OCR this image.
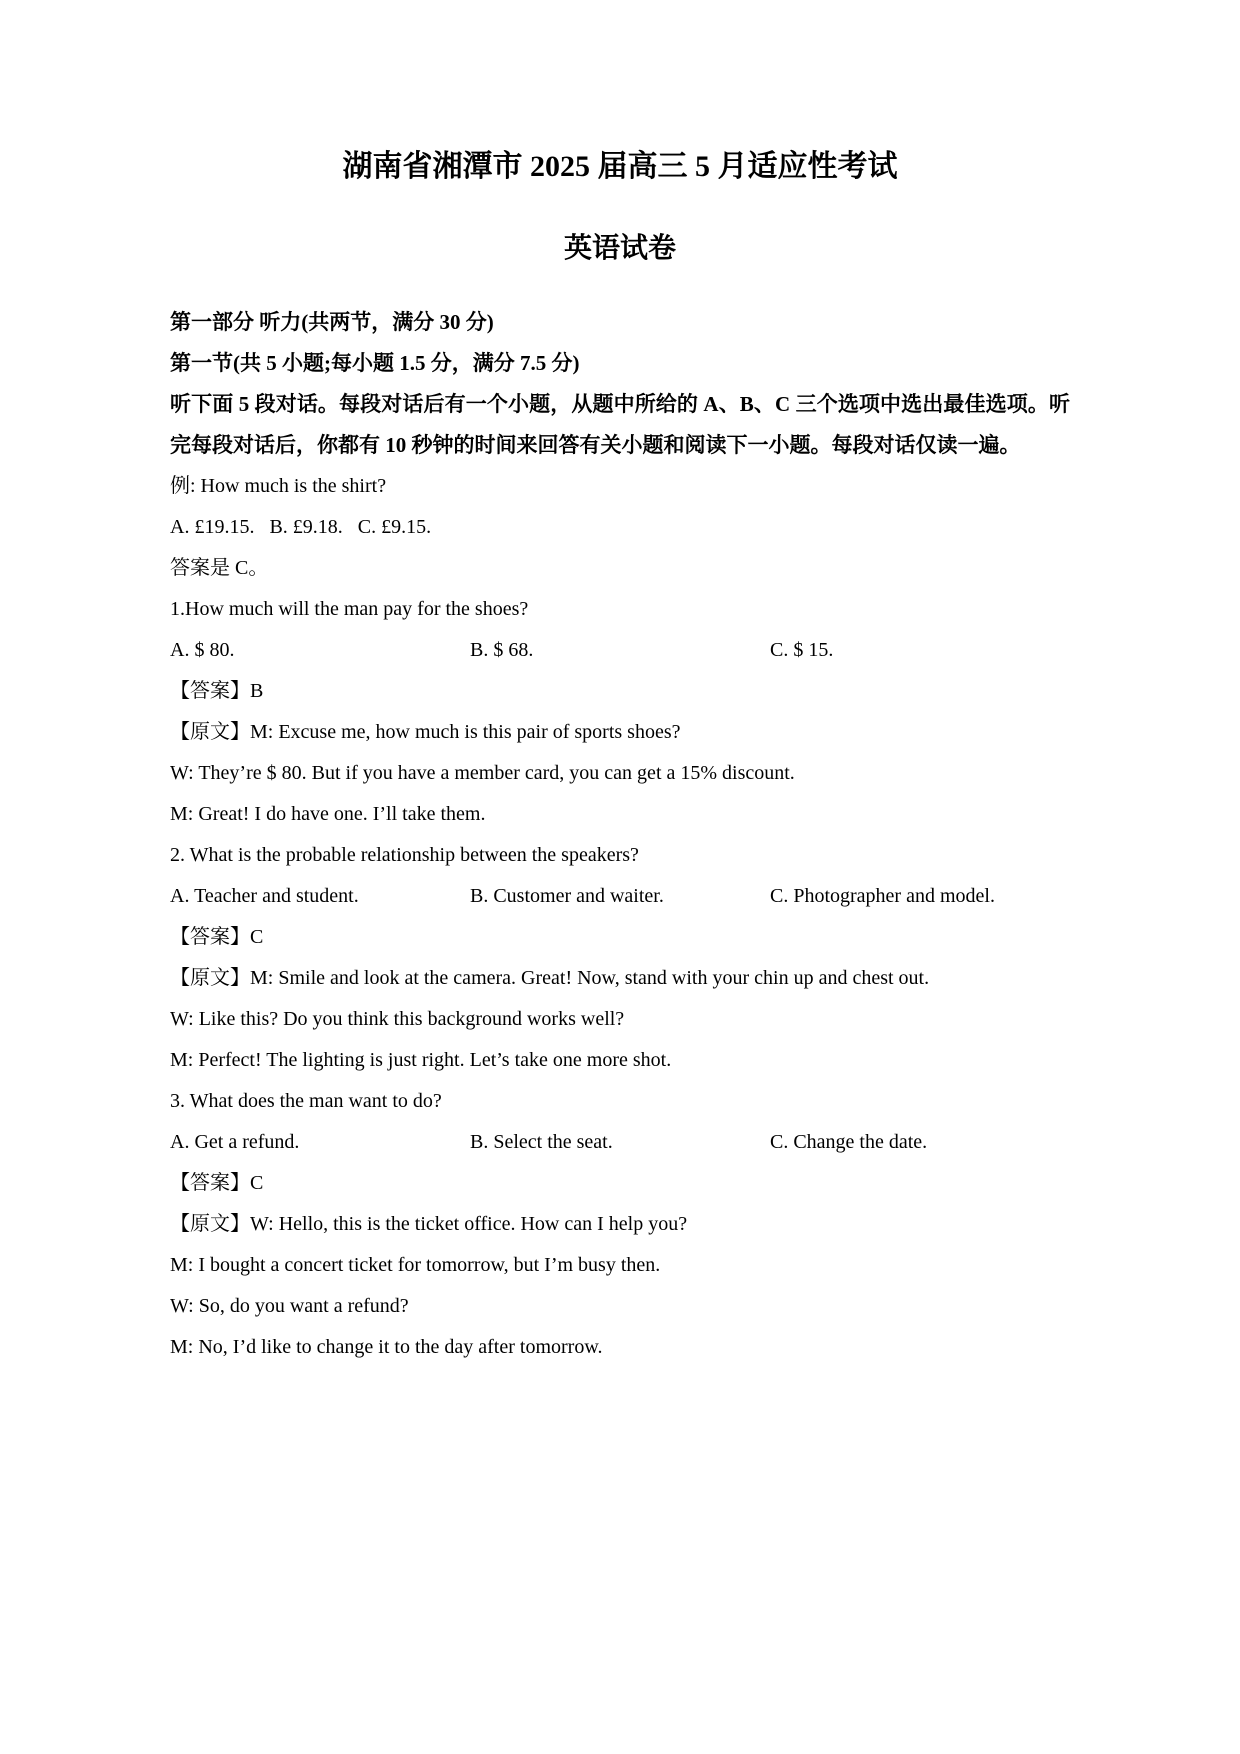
湖南省湘潭市 2025 届高三 5 月适应性考试
英语试卷

第一部分 听力(共两节，满分 30 分)

第一节(共 5 小题;每小题 1.5 分，满分 7.5 分)

听下面 5 段对话。每段对话后有一个小题，从题中所给的 A、B、C 三个选项中选出最佳选项。听完每段对话后，你都有 10 秒钟的时间来回答有关小题和阅读下一小题。每段对话仅读一遍。

例: How much is the shirt?

A. £19.15.   B. £9.18.   C. £9.15.

答案是 C。

1.How much will the man pay for the shoes?

A. $ 80.	B. $ 68.	C. $ 15.

【答案】B

【原文】M: Excuse me, how much is this pair of sports shoes?

W: They’re $ 80. But if you have a member card, you can get a 15% discount.

M: Great! I do have one. I’ll take them.

2. What is the probable relationship between the speakers?

A. Teacher and student.	B. Customer and waiter.	C. Photographer and model.

【答案】C

【原文】M: Smile and look at the camera. Great! Now, stand with your chin up and chest out.

W: Like this? Do you think this background works well?

M: Perfect! The lighting is just right. Let’s take one more shot.

3. What does the man want to do?

A. Get a refund.	B. Select the seat.	C. Change the date.

【答案】C

【原文】W: Hello, this is the ticket office. How can I help you?

M: I bought a concert ticket for tomorrow, but I’m busy then.

W: So, do you want a refund?

M: No, I’d like to change it to the day after tomorrow.
